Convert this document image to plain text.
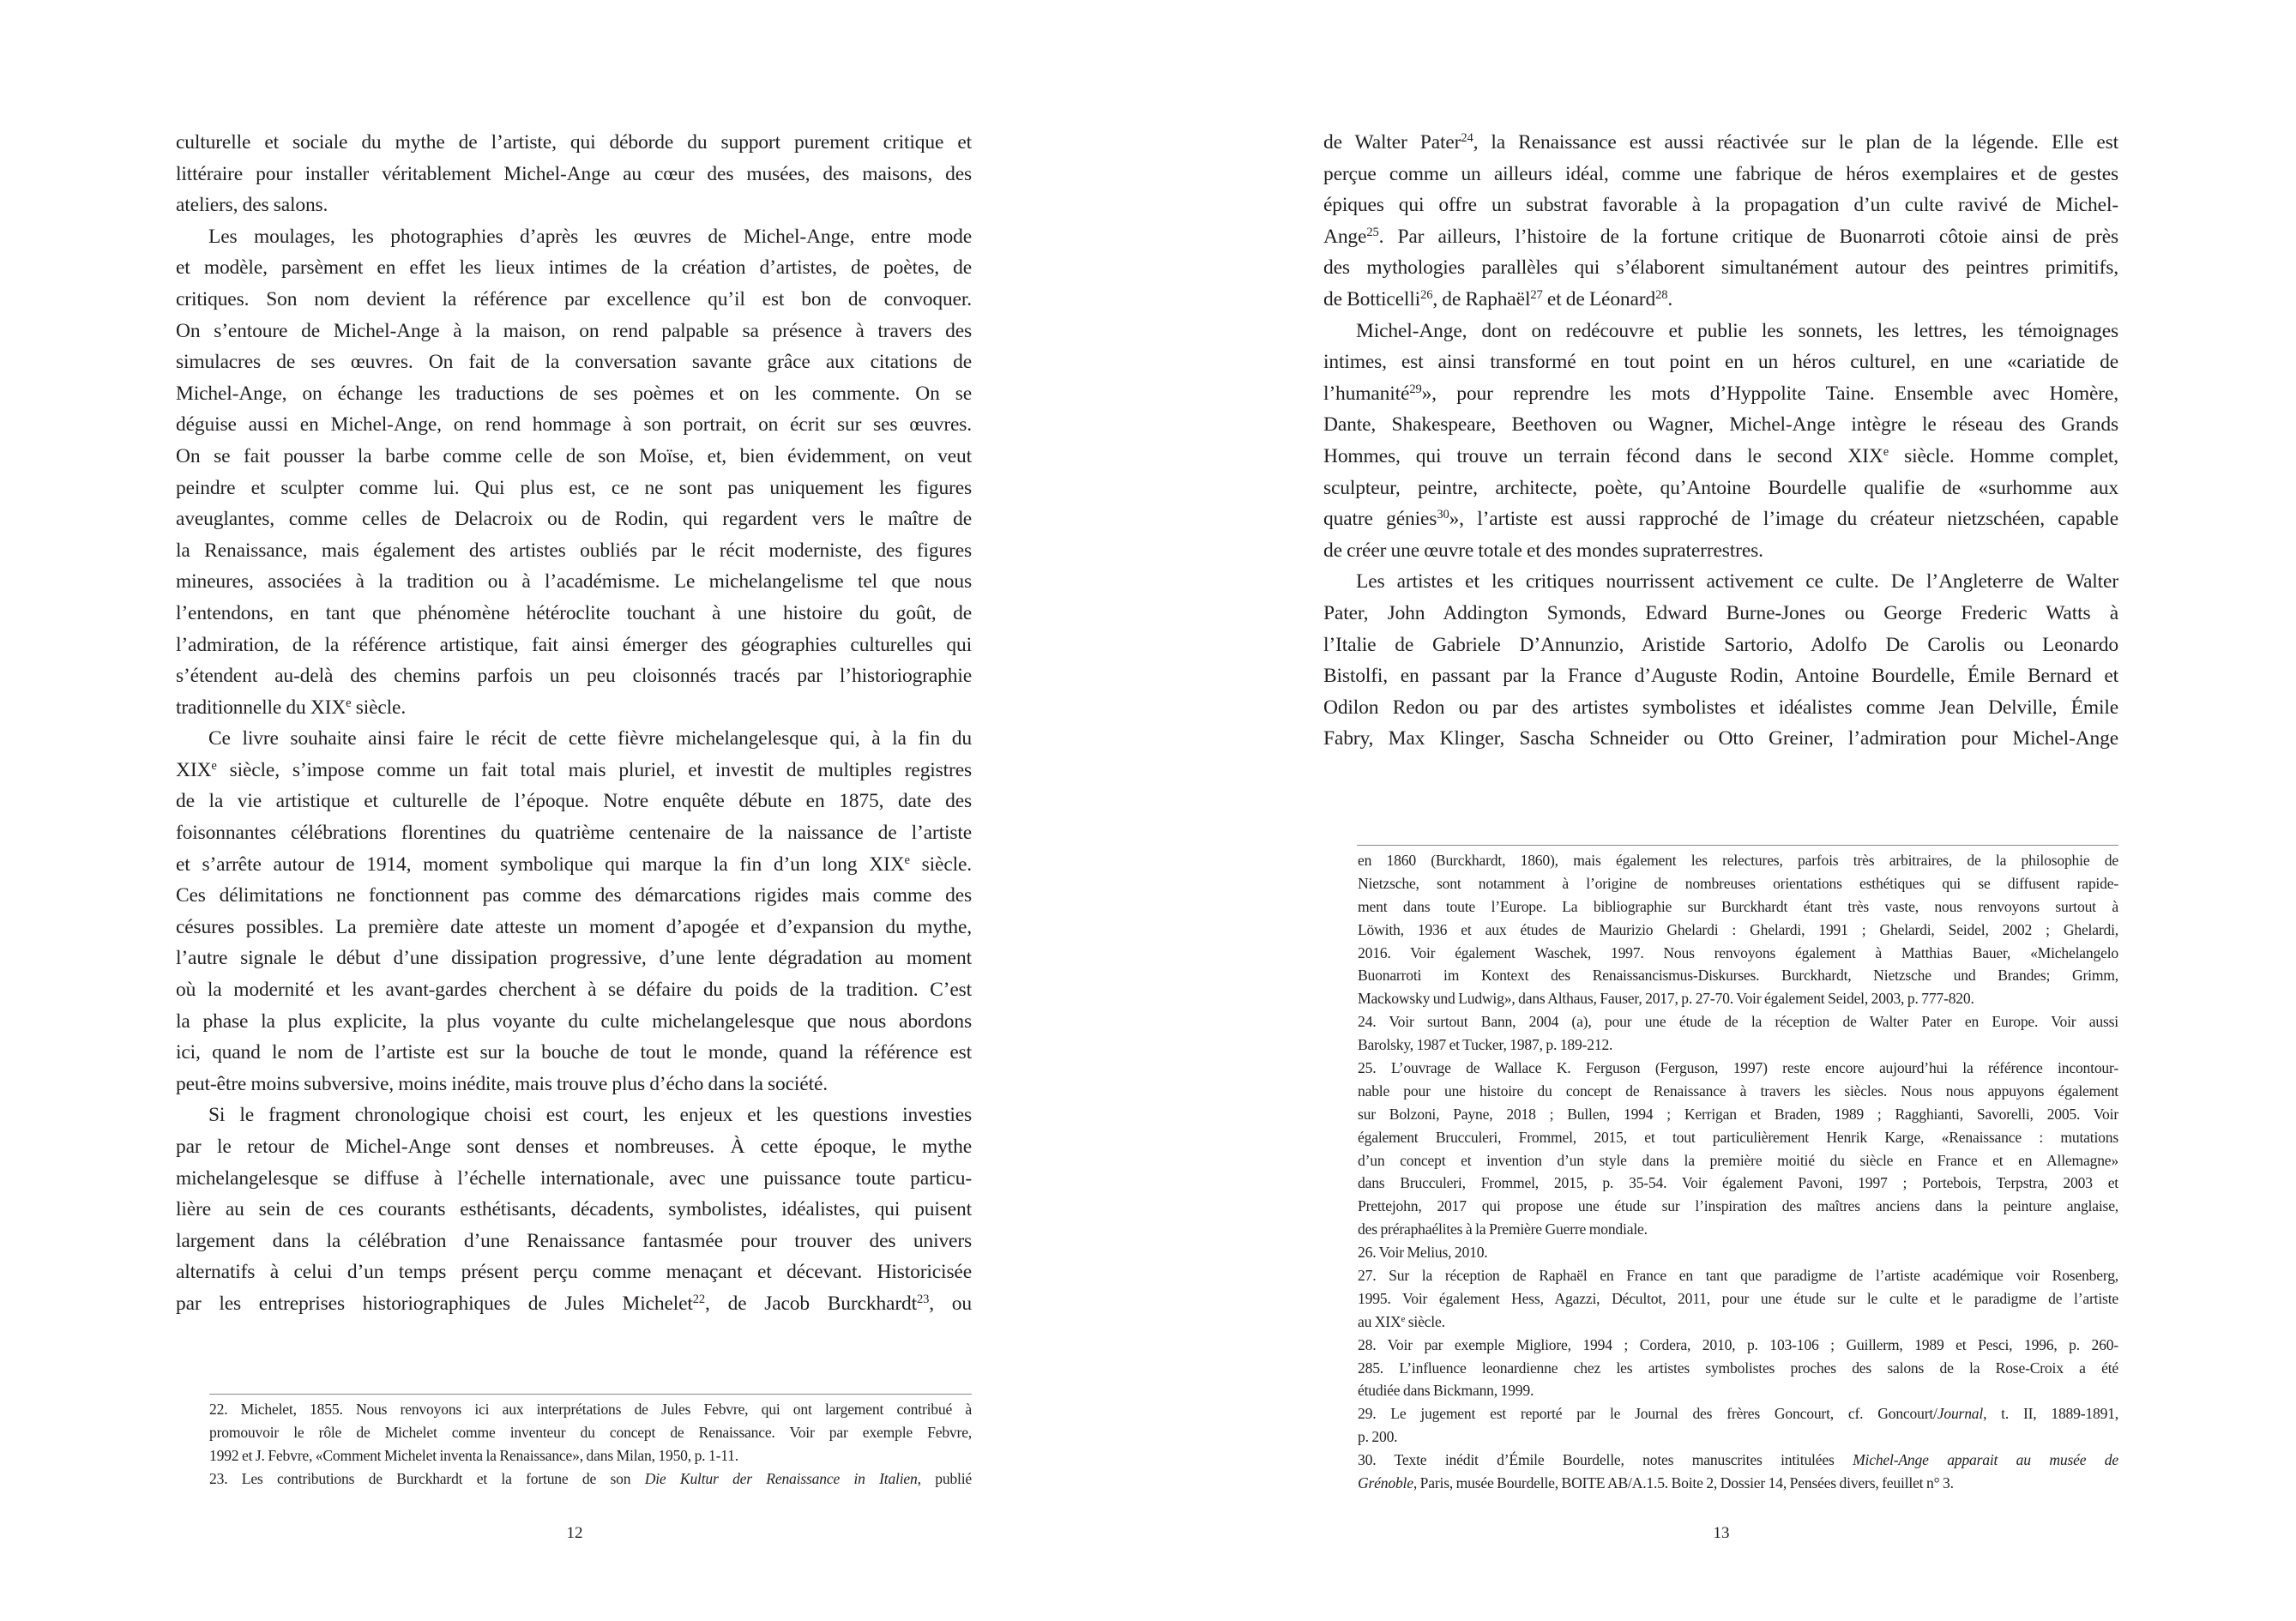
culturelle et sociale du mythe de l’artiste, qui déborde du support purement critique et
littéraire pour installer véritablement Michel-Ange au cœur des musées, des maisons, des
ateliers, des salons.
Les moulages, les photographies d’après les œuvres de Michel-Ange, entre mode
et modèle, parsèment en effet les lieux intimes de la création d’artistes, de poètes, de
critiques. Son nom devient la référence par excellence qu’il est bon de convoquer.
On s’entoure de Michel-Ange à la maison, on rend palpable sa présence à travers des
simulacres de ses œuvres. On fait de la conversation savante grâce aux citations de
Michel-Ange, on échange les traductions de ses poèmes et on les commente. On se
déguise aussi en Michel-Ange, on rend hommage à son portrait, on écrit sur ses œuvres.
On se fait pousser la barbe comme celle de son Moïse, et, bien évidemment, on veut
peindre et sculpter comme lui. Qui plus est, ce ne sont pas uniquement les figures
aveuglantes, comme celles de Delacroix ou de Rodin, qui regardent vers le maître de
la Renaissance, mais également des artistes oubliés par le récit moderniste, des figures
mineures, associées à la tradition ou à l’académisme. Le michelangelisme tel que nous
l’entendons, en tant que phénomène hétéroclite touchant à une histoire du goût, de
l’admiration, de la référence artistique, fait ainsi émerger des géographies culturelles qui
s’étendent au-delà des chemins parfois un peu cloisonnés tracés par l’historiographie
traditionnelle du XIXe siècle.
Ce livre souhaite ainsi faire le récit de cette fièvre michelangelesque qui, à la fin du
XIXe siècle, s’impose comme un fait total mais pluriel, et investit de multiples registres
de la vie artistique et culturelle de l’époque. Notre enquête débute en 1875, date des
foisonnantes célébrations florentines du quatrième centenaire de la naissance de l’artiste
et s’arrête autour de 1914, moment symbolique qui marque la fin d’un long XIXe siècle.
Ces délimitations ne fonctionnent pas comme des démarcations rigides mais comme des
césures possibles. La première date atteste un moment d’apogée et d’expansion du mythe,
l’autre signale le début d’une dissipation progressive, d’une lente dégradation au moment
où la modernité et les avant-gardes cherchent à se défaire du poids de la tradition. C’est
la phase la plus explicite, la plus voyante du culte michelangelesque que nous abordons
ici, quand le nom de l’artiste est sur la bouche de tout le monde, quand la référence est
peut-être moins subversive, moins inédite, mais trouve plus d’écho dans la société.
Si le fragment chronologique choisi est court, les enjeux et les questions investies
par le retour de Michel-Ange sont denses et nombreuses. À cette époque, le mythe
michelangelesque se diffuse à l’échelle internationale, avec une puissance toute particu-
lière au sein de ces courants esthétisants, décadents, symbolistes, idéalistes, qui puisent
largement dans la célébration d’une Renaissance fantasmée pour trouver des univers
alternatifs à celui d’un temps présent perçu comme menaçant et décevant. Historicisée
par les entreprises historiographiques de Jules Michelet$^{22}$, de Jacob Burckhardt$^{23}$, ou
22. Michelet, 1855. Nous renvoyons ici aux interprétations de Jules Febvre, qui ont largement contribué à
promouvoir le rôle de Michelet comme inventeur du concept de Renaissance. Voir par exemple Febvre,
1992 et J. Febvre, «Comment Michelet inventa la Renaissance», dans Milan, 1950, p. 1-11.
23. Les contributions de Burckhardt et la fortune de son Die Kultur der Renaissance in Italien, publié
12
de Walter Pater$^{24}$, la Renaissance est aussi réactivée sur le plan de la légende. Elle est
perçue comme un ailleurs idéal, comme une fabrique de héros exemplaires et de gestes
épiques qui offre un substrat favorable à la propagation d’un culte ravivé de Michel-
Ange$^{25}$. Par ailleurs, l’histoire de la fortune critique de Buonarroti côtoie ainsi de près
des mythologies parallèles qui s’élaborent simultanément autour des peintres primitifs,
de Botticelli$^{26}$, de Raphaël$^{27}$ et de Léonard$^{28}$.
Michel-Ange, dont on redécouvre et publie les sonnets, les lettres, les témoignages
intimes, est ainsi transformé en tout point en un héros culturel, en une «cariatide de
l’humanité$^{29}$», pour reprendre les mots d’Hyppolite Taine. Ensemble avec Homère,
Dante, Shakespeare, Beethoven ou Wagner, Michel-Ange intègre le réseau des Grands
Hommes, qui trouve un terrain fécond dans le second XIXe siècle. Homme complet,
sculpteur, peintre, architecte, poète, qu’Antoine Bourdelle qualifie de «surhomme aux
quatre génies$^{30}$», l’artiste est aussi rapproché de l’image du créateur nietzschéen, capable
de créer une œuvre totale et des mondes supraterrestres.
Les artistes et les critiques nourrissent activement ce culte. De l’Angleterre de Walter
Pater, John Addington Symonds, Edward Burne-Jones ou George Frederic Watts à
l’Italie de Gabriele D’Annunzio, Aristide Sartorio, Adolfo De Carolis ou Leonardo
Bistolfi, en passant par la France d’Auguste Rodin, Antoine Bourdelle, Émile Bernard et
Odilon Redon ou par des artistes symbolistes et idéalistes comme Jean Delville, Émile
Fabry, Max Klinger, Sascha Schneider ou Otto Greiner, l’admiration pour Michel-Ange
en 1860 (Burckhardt, 1860), mais également les relectures, parfois très arbitraires, de la philosophie de
Nietzsche, sont notamment à l’origine de nombreuses orientations esthétiques qui se diffusent rapide-
ment dans toute l’Europe. La bibliographie sur Burckhardt étant très vaste, nous renvoyons surtout à
Löwith, 1936 et aux études de Maurizio Ghelardi : Ghelardi, 1991 ; Ghelardi, Seidel, 2002 ; Ghelardi,
2016. Voir également Waschek, 1997. Nous renvoyons également à Matthias Bauer, «Michelangelo
Buonarroti im Kontext des Renaissancismus-Diskurses. Burckhardt, Nietzsche und Brandes; Grimm,
Mackowsky und Ludwig», dans Althaus, Fauser, 2017, p. 27-70. Voir également Seidel, 2003, p. 777-820.
24. Voir surtout Bann, 2004 (a), pour une étude de la réception de Walter Pater en Europe. Voir aussi
Barolsky, 1987 et Tucker, 1987, p. 189-212.
25. L’ouvrage de Wallace K. Ferguson (Ferguson, 1997) reste encore aujourd’hui la référence incontour-
nable pour une histoire du concept de Renaissance à travers les siècles. Nous nous appuyons également
sur Bolzoni, Payne, 2018 ; Bullen, 1994 ; Kerrigan et Braden, 1989 ; Ragghianti, Savorelli, 2005. Voir
également Brucculeri, Frommel, 2015, et tout particulièrement Henrik Karge, «Renaissance : mutations
d’un concept et invention d’un style dans la première moitié du siècle en France et en Allemagne»
dans Brucculeri, Frommel, 2015, p. 35-54. Voir également Pavoni, 1997 ; Portebois, Terpstra, 2003 et
Prettejohn, 2017 qui propose une étude sur l’inspiration des maîtres anciens dans la peinture anglaise,
des préraphaélites à la Première Guerre mondiale.
26. Voir Melius, 2010.
27. Sur la réception de Raphaël en France en tant que paradigme de l’artiste académique voir Rosenberg,
1995. Voir également Hess, Agazzi, Décultot, 2011, pour une étude sur le culte et le paradigme de l’artiste
au XIXe siècle.
28. Voir par exemple Migliore, 1994 ; Cordera, 2010, p. 103-106 ; Guillerm, 1989 et Pesci, 1996, p. 260-
285. L’influence leonardienne chez les artistes symbolistes proches des salons de la Rose-Croix a été
étudiée dans Bickmann, 1999.
29. Le jugement est reporté par le Journal des frères Goncourt, cf. Goncourt/Journal, t. II, 1889-1891,
p. 200.
30. Texte inédit d’Émile Bourdelle, notes manuscrites intitulées Michel-Ange apparait au musée de
Grénoble, Paris, musée Bourdelle, BOITE AB/A.1.5. Boite 2, Dossier 14, Pensées divers, feuillet n° 3.
13
